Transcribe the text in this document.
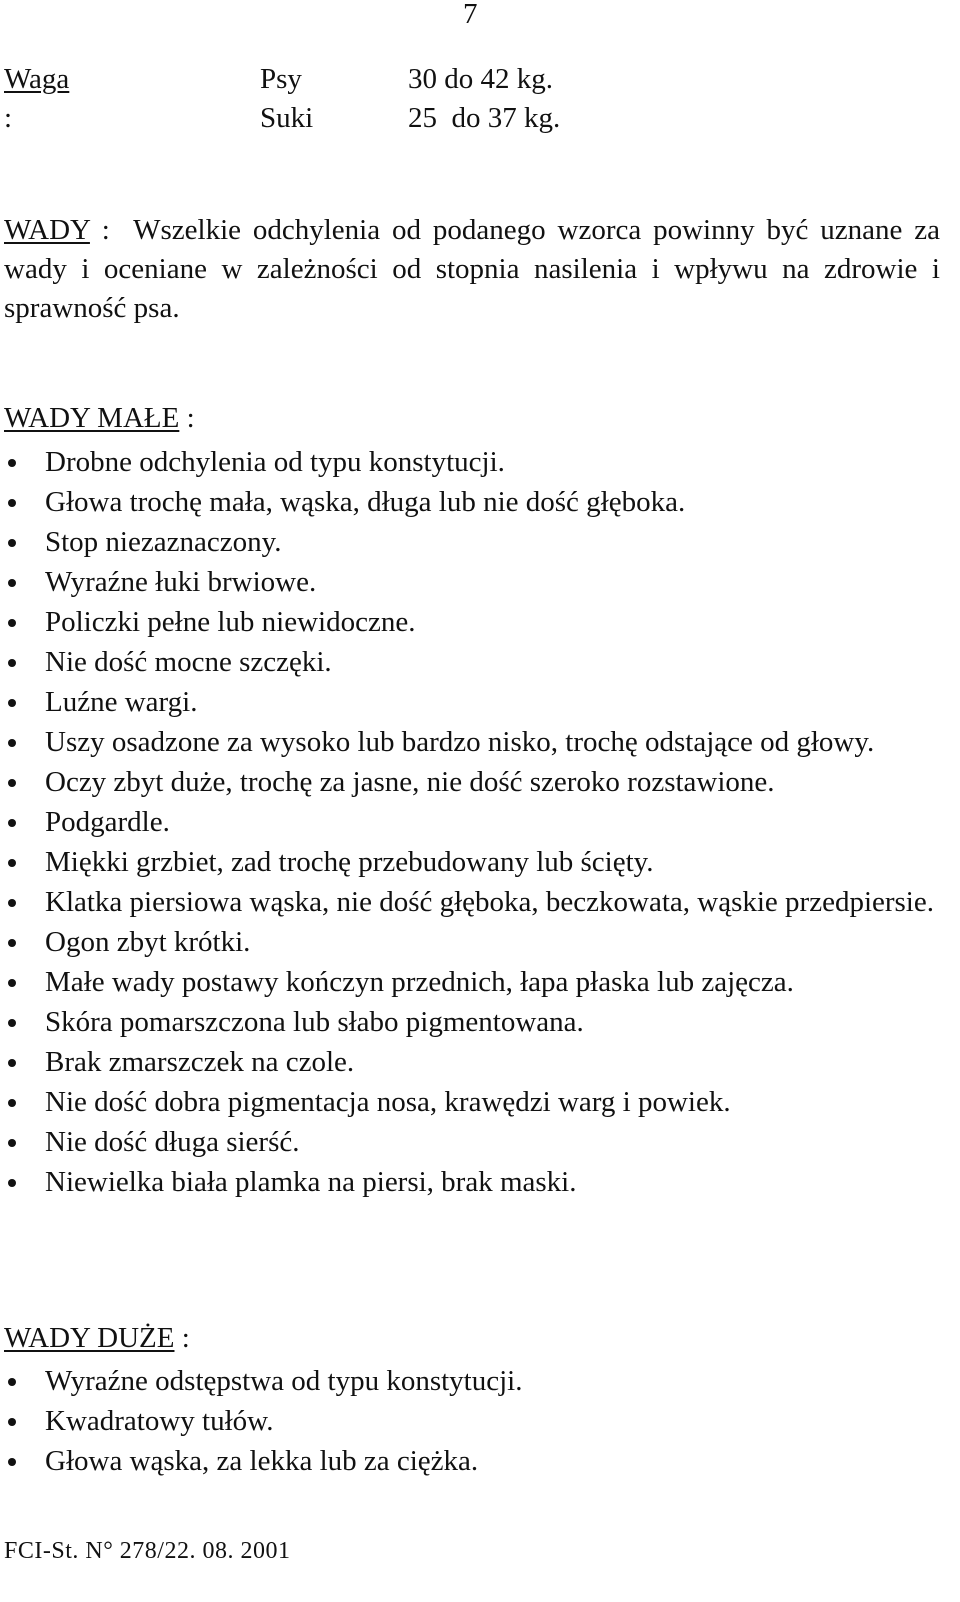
7
Waga :
Psy	30 do 42 kg.
Suki	25  do 37 kg.

WADY :  Wszelkie odchylenia od podanego wzorca powinny być uznane za wady i oceniane w zależności od stopnia nasilenia i wpływu na zdrowie i sprawność psa.

WADY MAŁE :
Drobne odchylenia od typu konstytucji.
Głowa trochę mała, wąska, długa lub nie dość głęboka.
Stop niezaznaczony.
Wyraźne łuki brwiowe.
Policzki pełne lub niewidoczne.
Nie dość mocne szczęki.
Luźne wargi.
Uszy osadzone za wysoko lub bardzo nisko, trochę odstające od głowy.
Oczy zbyt duże, trochę za jasne, nie dość szeroko rozstawione.
Podgardle.
Miękki grzbiet, zad trochę przebudowany lub ścięty.
Klatka piersiowa wąska, nie dość głęboka, beczkowata, wąskie przedpiersie.
Ogon zbyt krótki.
Małe wady postawy kończyn przednich, łapa płaska lub zajęcza.
Skóra pomarszczona lub słabo pigmentowana.
Brak zmarszczek na czole.
Nie dość dobra pigmentacja nosa, krawędzi warg i powiek.
Nie dość długa sierść.
Niewielka biała plamka na piersi, brak maski.
WADY DUŻE :
Wyraźne odstępstwa od typu konstytucji.
Kwadratowy tułów.
Głowa wąska, za lekka lub za ciężka.
FCI-St. N° 278/22. 08. 2001
